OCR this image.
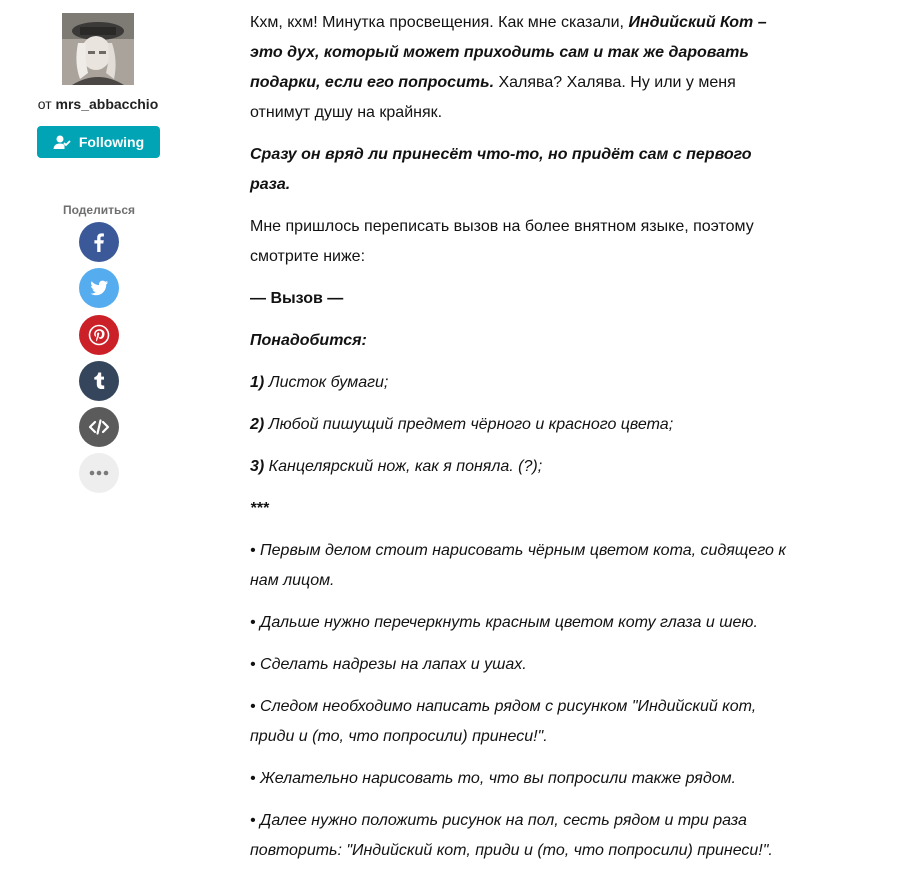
от mrs_abbacchio
Following
Поделиться

Кхм, кхм! Минутка просвещения. Как мне сказали, Индийский Кот – это дух, который может приходить сам и так же даровать подарки, если его попросить. Халява? Халява. Ну или у меня отнимут душу на крайняк.

Сразу он вряд ли принесёт что-то, но придёт сам с первого раза.

Мне пришлось переписать вызов на более внятном языке, поэтому смотрите ниже:

— Вызов —

Понадобится:

1) Листок бумаги;

2) Любой пишущий предмет чёрного и красного цвета;

3) Канцелярский нож, как я поняла. (?);

***

• Первым делом стоит нарисовать чёрным цветом кота, сидящего к нам лицом.

• Дальше нужно перечеркнуть красным цветом коту глаза и шею.

• Сделать надрезы на лапах и ушах.

• Следом необходимо написать рядом с рисунком "Индийский кот, приди и (то, что попросили) принеси!".

• Желательно нарисовать то, что вы попросили также рядом.

• Далее нужно положить рисунок на пол, сесть рядом и три раза повторить: "Индийский кот, приди и (то, что попросили) принеси!".
